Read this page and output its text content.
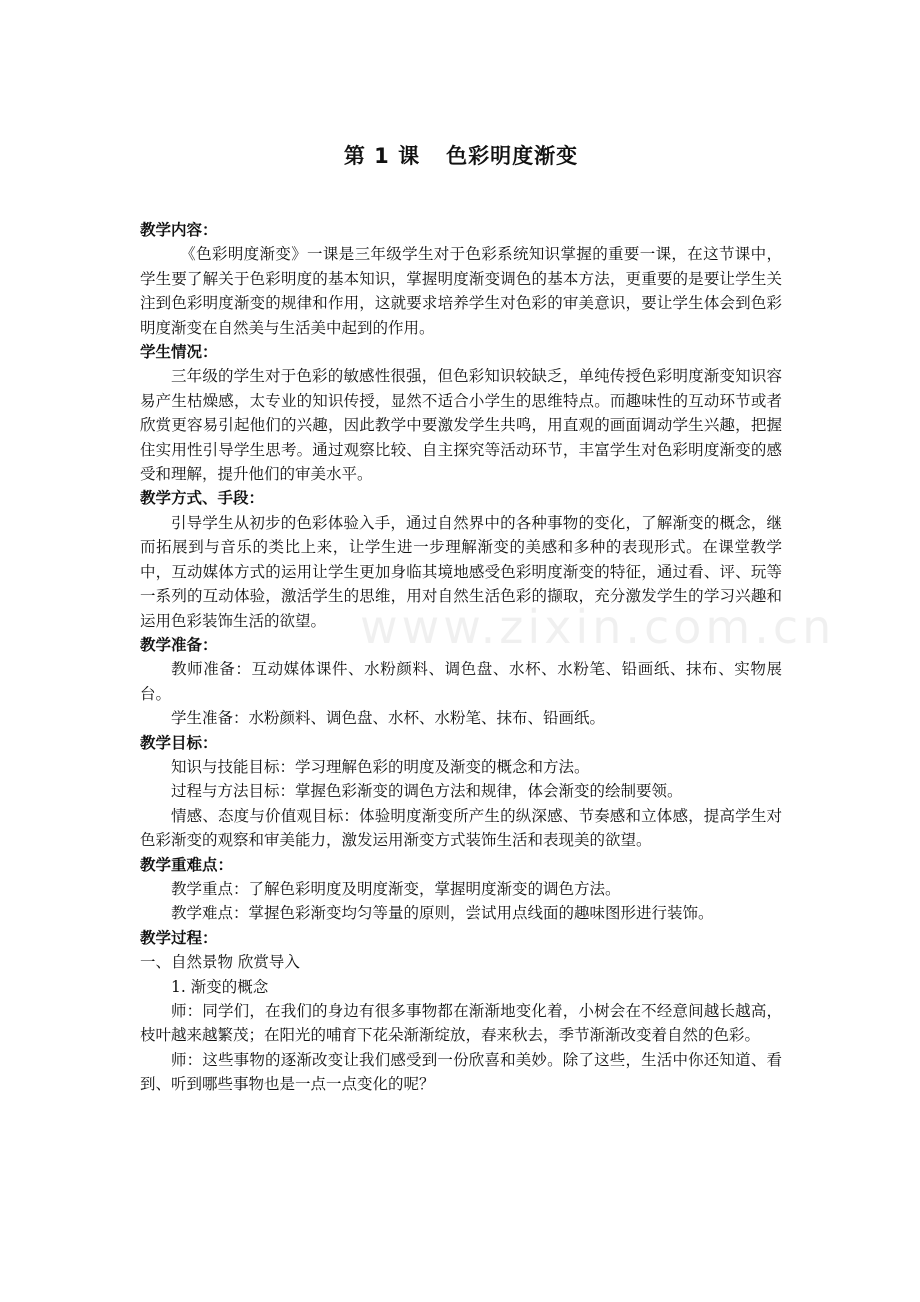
www.zixin.com.cn
第 1 课 色彩明度渐变

教学内容：

《色彩明度渐变》一课是三年级学生对于色彩系统知识掌握的重要一课，在这节课中，学生要了解关于色彩明度的基本知识，掌握明度渐变调色的基本方法，更重要的是要让学生关注到色彩明度渐变的规律和作用，这就要求培养学生对色彩的审美意识，要让学生体会到色彩明度渐变在自然美与生活美中起到的作用。

学生情况：

三年级的学生对于色彩的敏感性很强，但色彩知识较缺乏，单纯传授色彩明度渐变知识容易产生枯燥感，太专业的知识传授，显然不适合小学生的思维特点。而趣味性的互动环节或者欣赏更容易引起他们的兴趣，因此教学中要激发学生共鸣，用直观的画面调动学生兴趣，把握住实用性引导学生思考。通过观察比较、自主探究等活动环节，丰富学生对色彩明度渐变的感受和理解，提升他们的审美水平。

教学方式、手段：

引导学生从初步的色彩体验入手，通过自然界中的各种事物的变化，了解渐变的概念，继而拓展到与音乐的类比上来，让学生进一步理解渐变的美感和多种的表现形式。在课堂教学中，互动媒体方式的运用让学生更加身临其境地感受色彩明度渐变的特征，通过看、评、玩等一系列的互动体验，激活学生的思维，用对自然生活色彩的撷取，充分激发学生的学习兴趣和运用色彩装饰生活的欲望。

教学准备：

教师准备：互动媒体课件、水粉颜料、调色盘、水杯、水粉笔、铅画纸、抹布、实物展台。

学生准备：水粉颜料、调色盘、水杯、水粉笔、抹布、铅画纸。

教学目标：

知识与技能目标：学习理解色彩的明度及渐变的概念和方法。

过程与方法目标：掌握色彩渐变的调色方法和规律，体会渐变的绘制要领。

情感、态度与价值观目标：体验明度渐变所产生的纵深感、节奏感和立体感，提高学生对色彩渐变的观察和审美能力，激发运用渐变方式装饰生活和表现美的欲望。

教学重难点：

教学重点：了解色彩明度及明度渐变，掌握明度渐变的调色方法。

教学难点：掌握色彩渐变均匀等量的原则，尝试用点线面的趣味图形进行装饰。

教学过程：

一、自然景物 欣赏导入

1. 渐变的概念

师：同学们，在我们的身边有很多事物都在渐渐地变化着，小树会在不经意间越长越高，枝叶越来越繁茂；在阳光的哺育下花朵渐渐绽放，春来秋去，季节渐渐改变着自然的色彩。

师：这些事物的逐渐改变让我们感受到一份欣喜和美妙。除了这些，生活中你还知道、看到、听到哪些事物也是一点一点变化的呢？
